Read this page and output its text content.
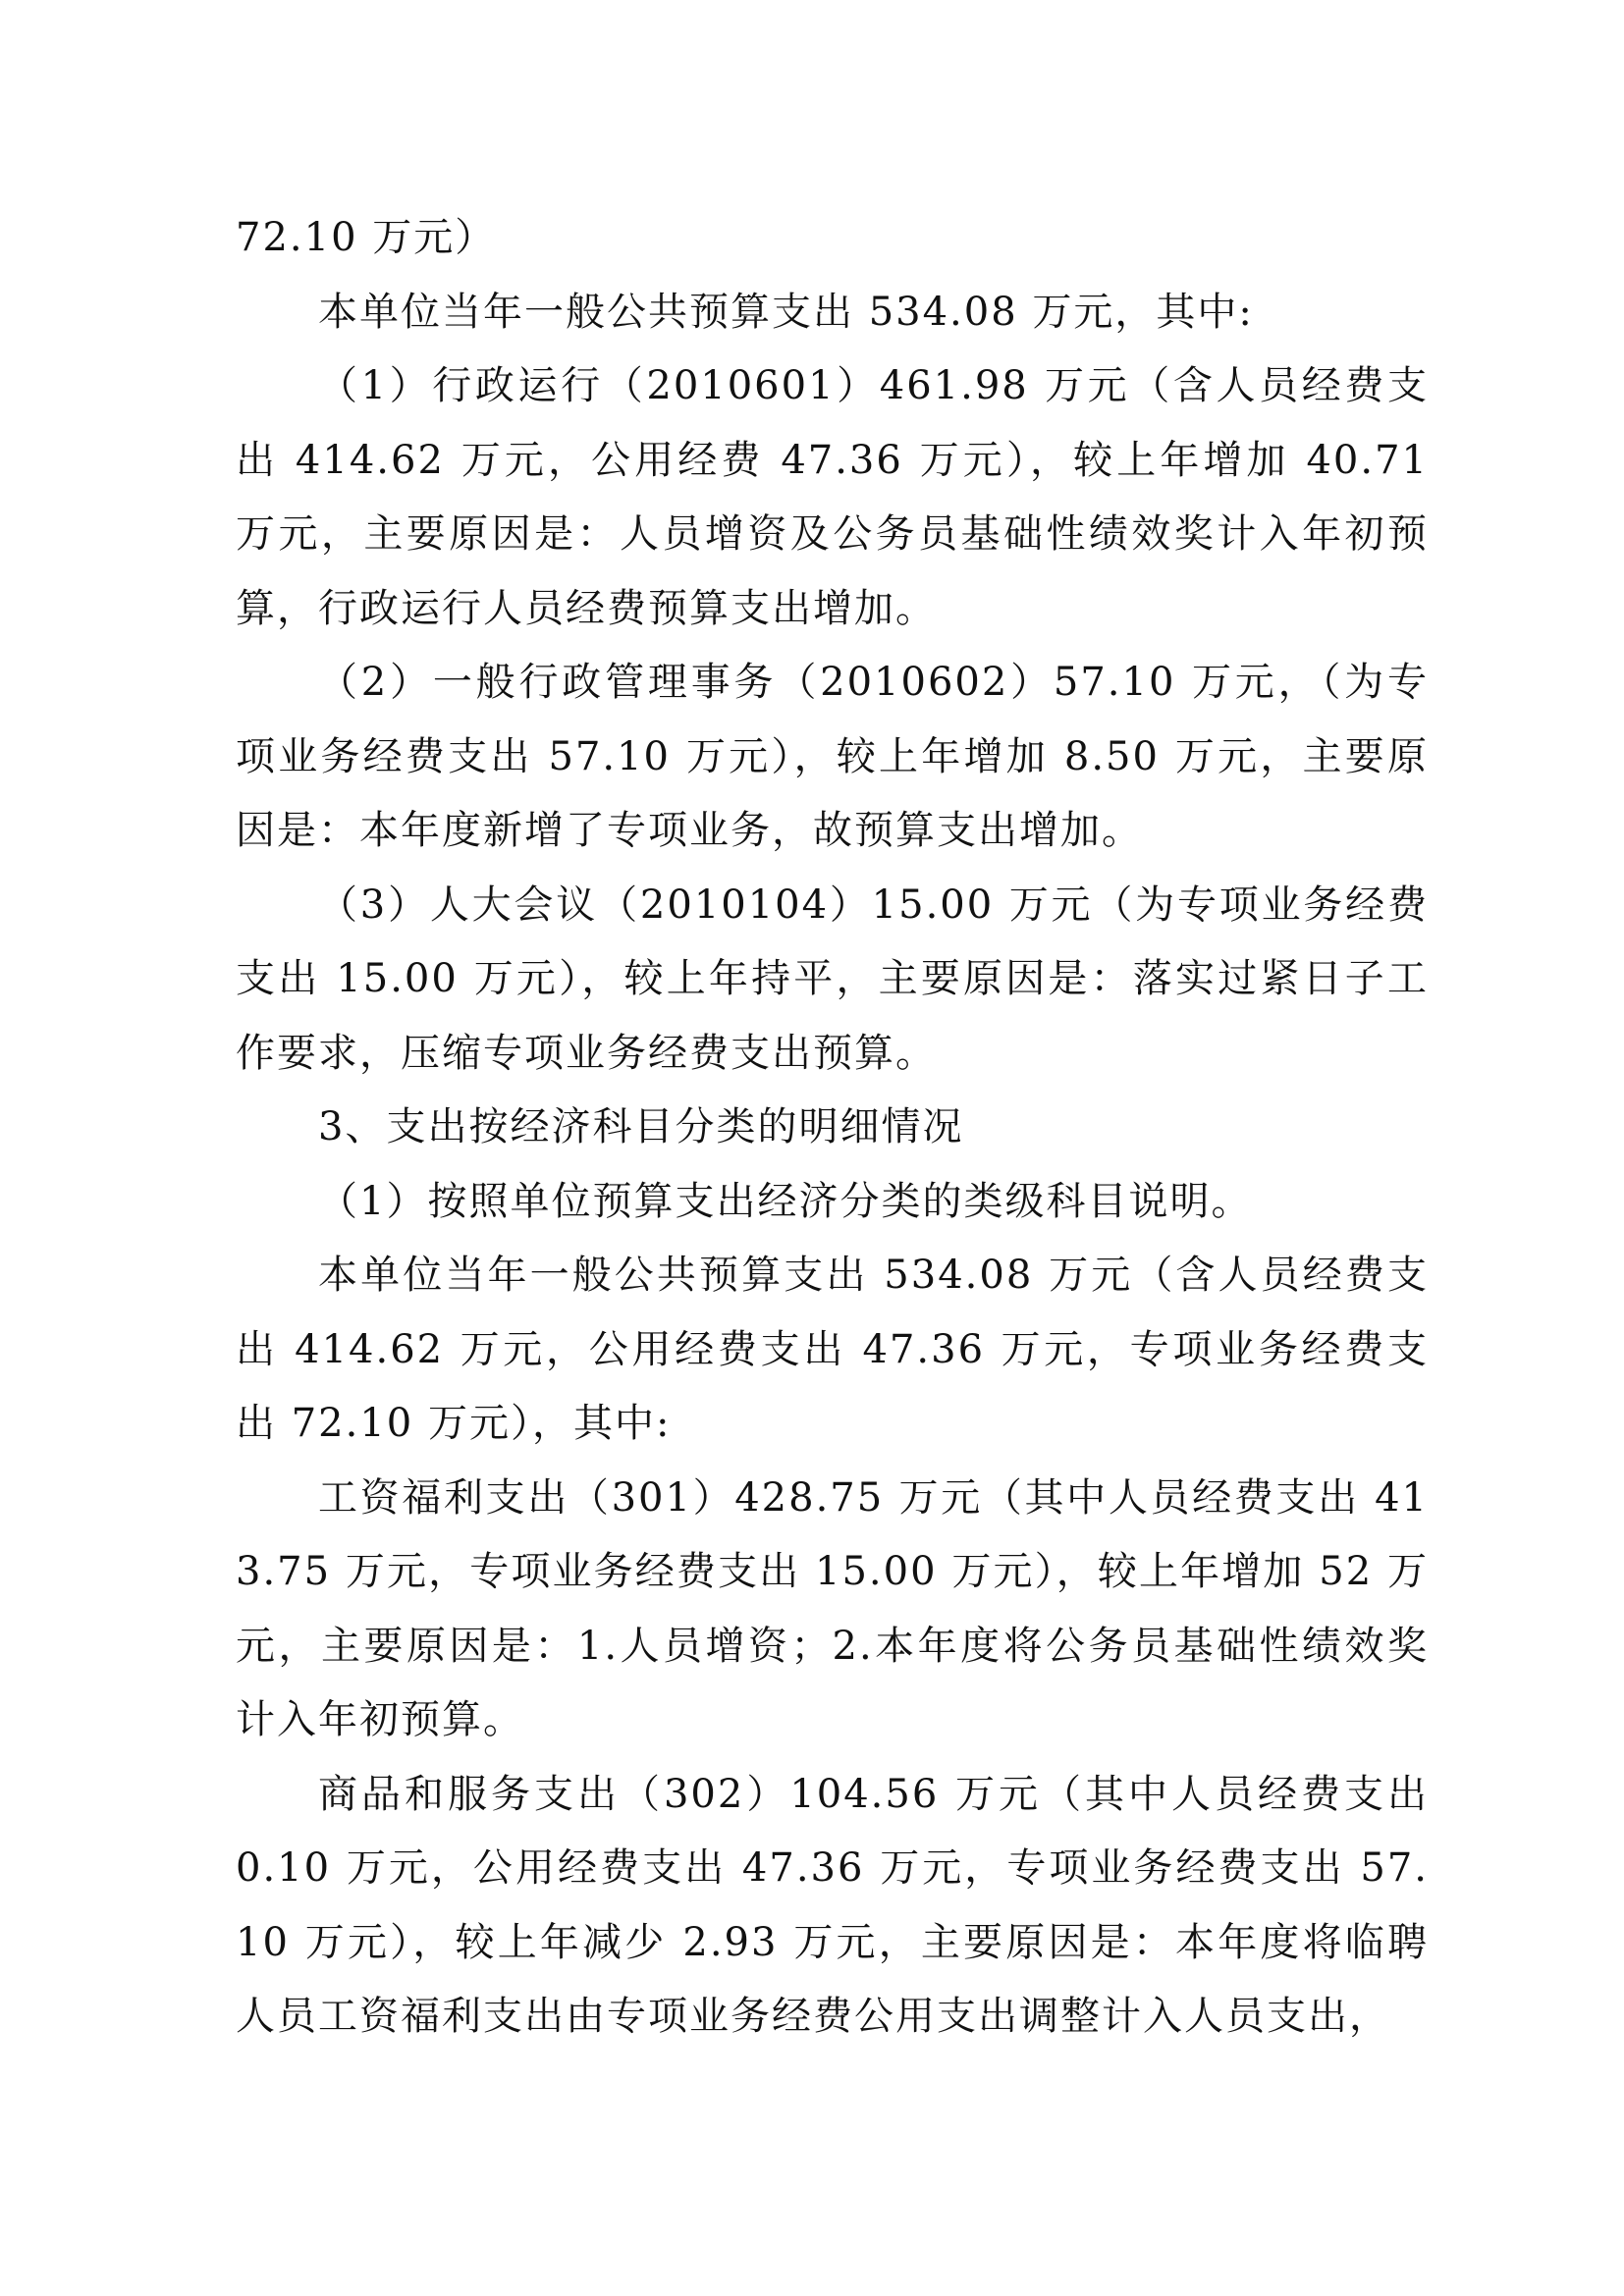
72.10 万元）

本单位当年一般公共预算支出 534.08 万元，其中:

（1）行政运行（2010601）461.98 万元（含人员经费支出 414.62 万元，公用经费 47.36 万元），较上年增加 40.71 万元，主要原因是：人员增资及公务员基础性绩效奖计入年初预算，行政运行人员经费预算支出增加。

（2）一般行政管理事务（2010602）57.10 万元，（为专项业务经费支出 57.10 万元），较上年增加 8.50 万元，主要原因是：本年度新增了专项业务，故预算支出增加。

（3）人大会议（2010104）15.00 万元（为专项业务经费支出 15.00 万元），较上年持平，主要原因是：落实过紧日子工作要求，压缩专项业务经费支出预算。

3、支出按经济科目分类的明细情况

（1）按照单位预算支出经济分类的类级科目说明。

本单位当年一般公共预算支出 534.08 万元（含人员经费支出 414.62 万元，公用经费支出 47.36 万元，专项业务经费支出 72.10 万元），其中:

工资福利支出（301）428.75 万元（其中人员经费支出 413.75 万元，专项业务经费支出 15.00 万元），较上年增加 52 万元，主要原因是：1.人员增资；2.本年度将公务员基础性绩效奖计入年初预算。

商品和服务支出（302）104.56 万元（其中人员经费支出 0.10 万元，公用经费支出 47.36 万元，专项业务经费支出 57.10 万元），较上年减少 2.93 万元，主要原因是：本年度将临聘人员工资福利支出由专项业务经费公用支出调整计入人员支出，
